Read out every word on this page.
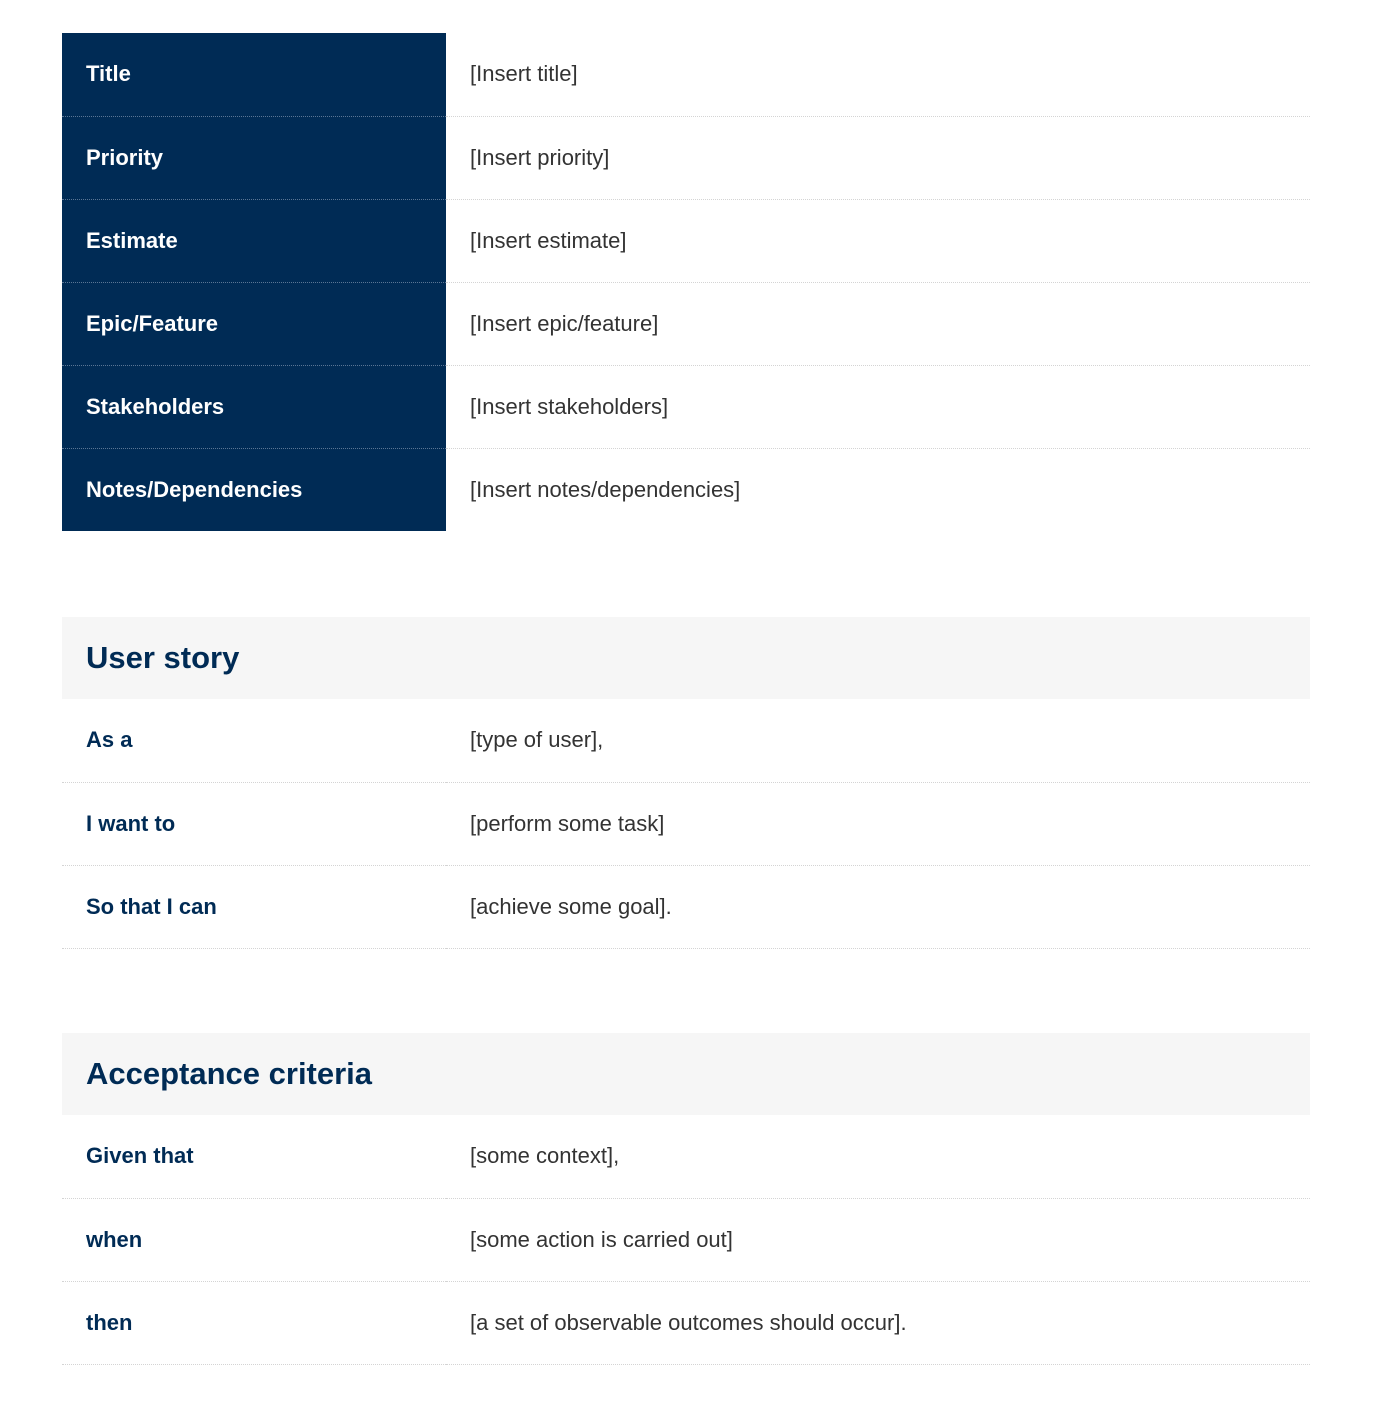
Title	[Insert title]
Priority	[Insert priority]
Estimate	[Insert estimate]
Epic/Feature	[Insert epic/feature]
Stakeholders	[Insert stakeholders]
Notes/Dependencies	[Insert notes/dependencies]
User story
As a	[type of user],
I want to	[perform some task]
So that I can	[achieve some goal].
Acceptance criteria
Given that	[some context],
when	[some action is carried out]
then	[a set of observable outcomes should occur].
